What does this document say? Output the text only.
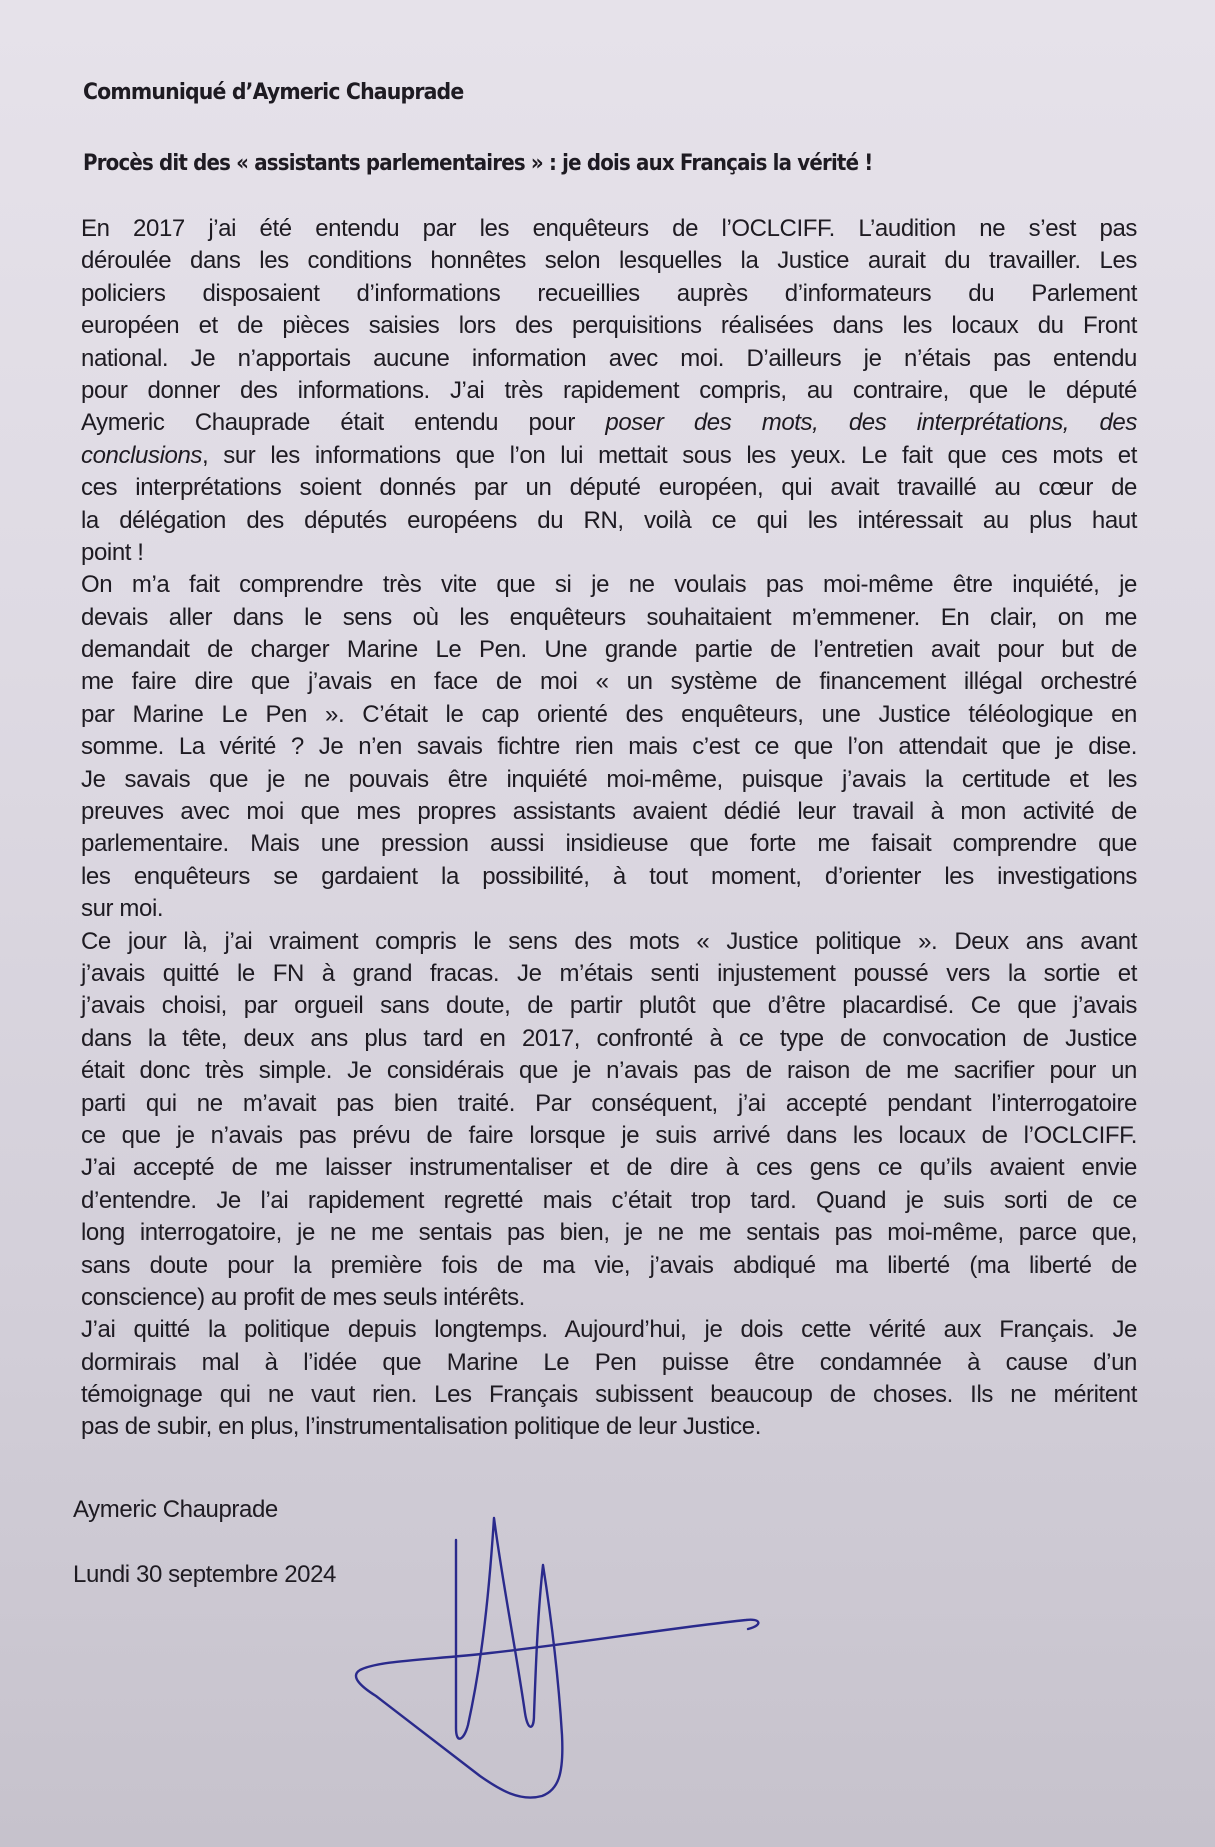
Communiqué d’Aymeric Chauprade
Procès dit des « assistants parlementaires » : je dois aux Français la vérité !
En 2017 j’ai été entendu par les enquêteurs de l’OCLCIFF. L’audition ne s’est pas
déroulée dans les conditions honnêtes selon lesquelles la Justice aurait du travailler. Les
policiers disposaient d’informations recueillies auprès d’informateurs du Parlement
européen et de pièces saisies lors des perquisitions réalisées dans les locaux du Front
national. Je n’apportais aucune information avec moi. D’ailleurs je n’étais pas entendu
pour donner des informations. J’ai très rapidement compris, au contraire, que le député
Aymeric Chauprade était entendu pour poser des mots, des interprétations, des
conclusions, sur les informations que l’on lui mettait sous les yeux. Le fait que ces mots et
ces interprétations soient donnés par un député européen, qui avait travaillé au cœur de
la délégation des députés européens du RN, voilà ce qui les intéressait au plus haut
point !
On m’a fait comprendre très vite que si je ne voulais pas moi-même être inquiété, je
devais aller dans le sens où les enquêteurs souhaitaient m’emmener. En clair, on me
demandait de charger Marine Le Pen. Une grande partie de l’entretien avait pour but de
me faire dire que j’avais en face de moi « un système de financement illégal orchestré
par Marine Le Pen ». C’était le cap orienté des enquêteurs, une Justice téléologique en
somme. La vérité ? Je n’en savais fichtre rien mais c’est ce que l’on attendait que je dise.
Je savais que je ne pouvais être inquiété moi-même, puisque j’avais la certitude et les
preuves avec moi que mes propres assistants avaient dédié leur travail à mon activité de
parlementaire. Mais une pression aussi insidieuse que forte me faisait comprendre que
les enquêteurs se gardaient la possibilité, à tout moment, d’orienter les investigations
sur moi.
Ce jour là, j’ai vraiment compris le sens des mots « Justice politique ». Deux ans avant
j’avais quitté le FN à grand fracas. Je m’étais senti injustement poussé vers la sortie et
j’avais choisi, par orgueil sans doute, de partir plutôt que d’être placardisé. Ce que j’avais
dans la tête, deux ans plus tard en 2017, confronté à ce type de convocation de Justice
était donc très simple. Je considérais que je n’avais pas de raison de me sacrifier pour un
parti qui ne m’avait pas bien traité. Par conséquent, j’ai accepté pendant l’interrogatoire
ce que je n’avais pas prévu de faire lorsque je suis arrivé dans les locaux de l’OCLCIFF.
J’ai accepté de me laisser instrumentaliser et de dire à ces gens ce qu’ils avaient envie
d’entendre. Je l’ai rapidement regretté mais c’était trop tard. Quand je suis sorti de ce
long interrogatoire, je ne me sentais pas bien, je ne me sentais pas moi-même, parce que,
sans doute pour la première fois de ma vie, j’avais abdiqué ma liberté (ma liberté de
conscience) au profit de mes seuls intérêts.
J’ai quitté la politique depuis longtemps. Aujourd’hui, je dois cette vérité aux Français. Je
dormirais mal à l’idée que Marine Le Pen puisse être condamnée à cause d’un
témoignage qui ne vaut rien. Les Français subissent beaucoup de choses. Ils ne méritent
pas de subir, en plus, l’instrumentalisation politique de leur Justice.

Aymeric Chauprade

Lundi 30 septembre 2024
